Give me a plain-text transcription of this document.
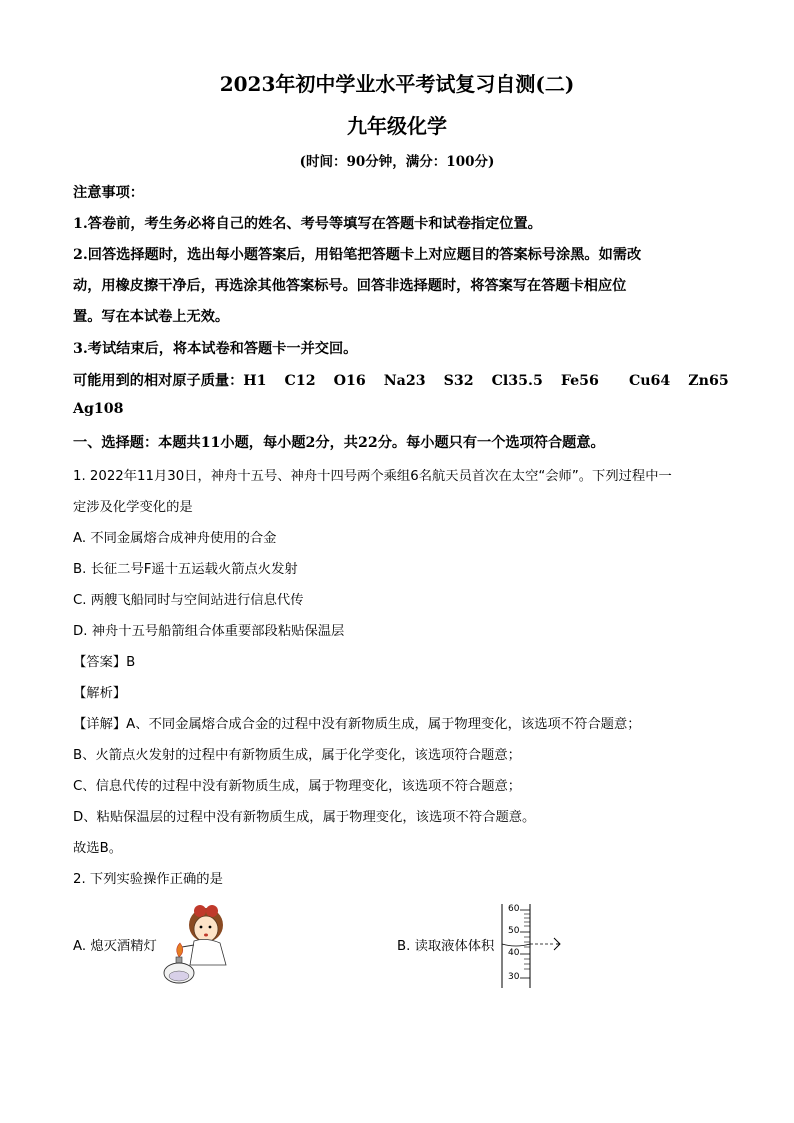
2023年初中学业水平考试复习自测(二)
九年级化学
(时间：90分钟，满分：100分)
注意事项：
1.答卷前，考生务必将自己的姓名、考号等填写在答题卡和试卷指定位置。
2.回答选择题时，选出每小题答案后，用铅笔把答题卡上对应题目的答案标号涂黑。如需改
动，用橡皮擦干净后，再选涂其他答案标号。回答非选择题时，将答案写在答题卡相应位
置。写在本试卷上无效。
3.考试结束后，将本试卷和答题卡一并交回。
可能用到的相对原子质量：H1 C12 O16 Na23 S32 Cl35.5 Fe56 Cu64 Zn65
Ag108
一、选择题：本题共11小题，每小题2分，共22分。每小题只有一个选项符合题意。
1. 2022年11月30日，神舟十五号、神舟十四号两个乘组6名航天员首次在太空“会师”。下列过程中一
定涉及化学变化的是
A. 不同金属熔合成神舟使用的合金
B. 长征二号F遥十五运载火箭点火发射
C. 两艘飞船同时与空间站进行信息代传
D. 神舟十五号船箭组合体重要部段粘贴保温层
【答案】B
【解析】
【详解】A、不同金属熔合成合金的过程中没有新物质生成，属于物理变化，该选项不符合题意；
B、火箭点火发射的过程中有新物质生成，属于化学变化，该选项符合题意；
C、信息代传的过程中没有新物质生成，属于物理变化，该选项不符合题意；
D、粘贴保温层的过程中没有新物质生成，属于物理变化，该选项不符合题意。
故选B。
2. 下列实验操作正确的是
A. 熄灭酒精灯	B. 读取液体体积
60
50
40
30
